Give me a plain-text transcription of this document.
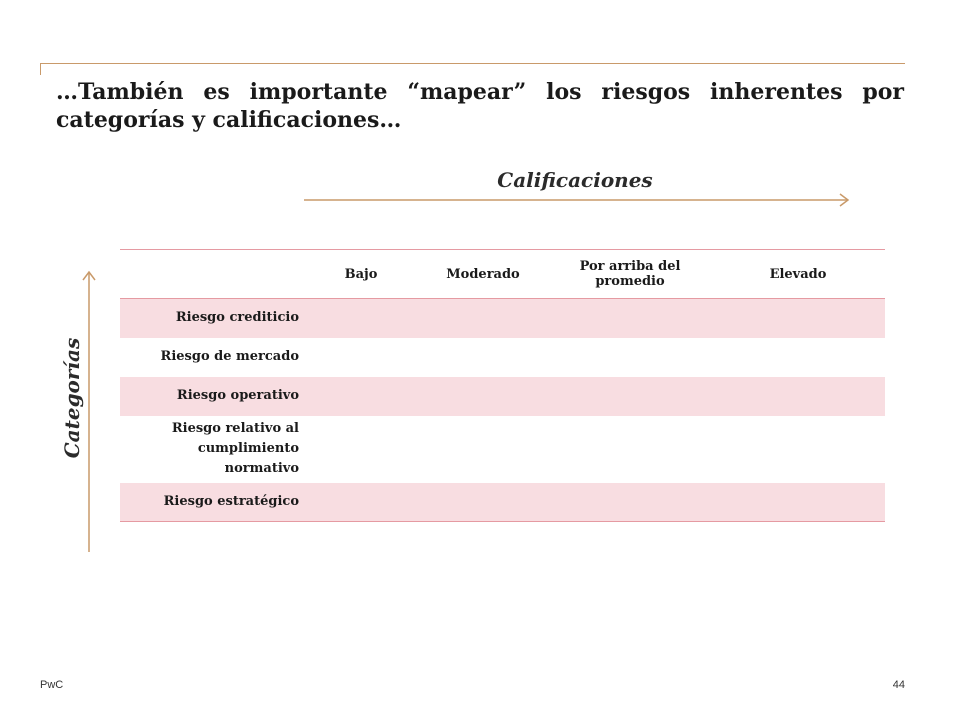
…También es importante “mapear” los riesgos inherentes por categorías y calificaciones…
Calificaciones
Categorías
	Bajo	Moderado	Por arriba del promedio	Elevado
Riesgo crediticio				
Riesgo de mercado				
Riesgo operativo				
Riesgo relativo al cumplimiento normativo				
Riesgo estratégico				
PwC	44
